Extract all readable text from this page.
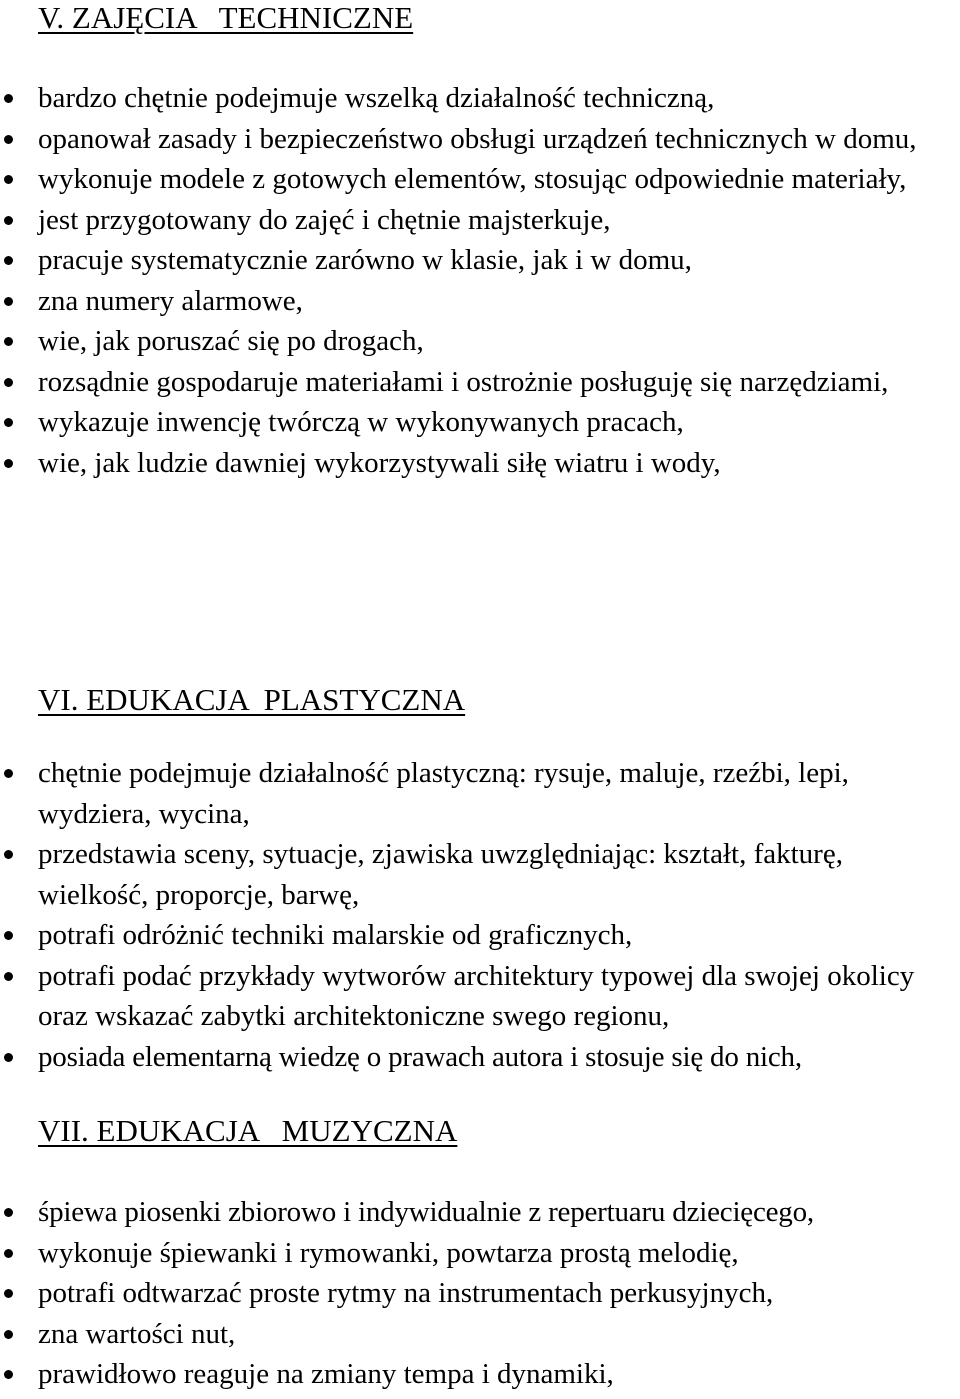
V. ZAJĘCIA   TECHNICZNE
bardzo chętnie podejmuje wszelką działalność techniczną,
opanował zasady i bezpieczeństwo obsługi urządzeń technicznych w domu,
wykonuje modele z gotowych elementów, stosując odpowiednie materiały,
jest przygotowany do zajęć i chętnie majsterkuje,
pracuje systematycznie zarówno w klasie, jak i w domu,
zna numery alarmowe,
wie, jak poruszać się po drogach,
rozsądnie gospodaruje materiałami i ostrożnie posługuję się narzędziami,
wykazuje inwencję twórczą w wykonywanych pracach,
wie, jak ludzie dawniej wykorzystywali siłę wiatru i wody,
VI. EDUKACJA  PLASTYCZNA
chętnie podejmuje działalność plastyczną: rysuje, maluje, rzeźbi, lepi, wydziera, wycina,
przedstawia sceny, sytuacje, zjawiska uwzględniając: kształt, fakturę, wielkość, proporcje, barwę,
potrafi odróżnić techniki malarskie od graficznych,
potrafi podać przykłady wytworów architektury typowej dla swojej okolicy oraz wskazać zabytki architektoniczne swego regionu,
posiada elementarną wiedzę o prawach autora i stosuje się do nich,
VII. EDUKACJA   MUZYCZNA
śpiewa piosenki zbiorowo i indywidualnie z repertuaru dziecięcego,
wykonuje śpiewanki i rymowanki, powtarza prostą melodię,
potrafi odtwarzać proste rytmy na instrumentach perkusyjnych,
zna wartości nut,
prawidłowo reaguje na zmiany tempa i dynamiki,
